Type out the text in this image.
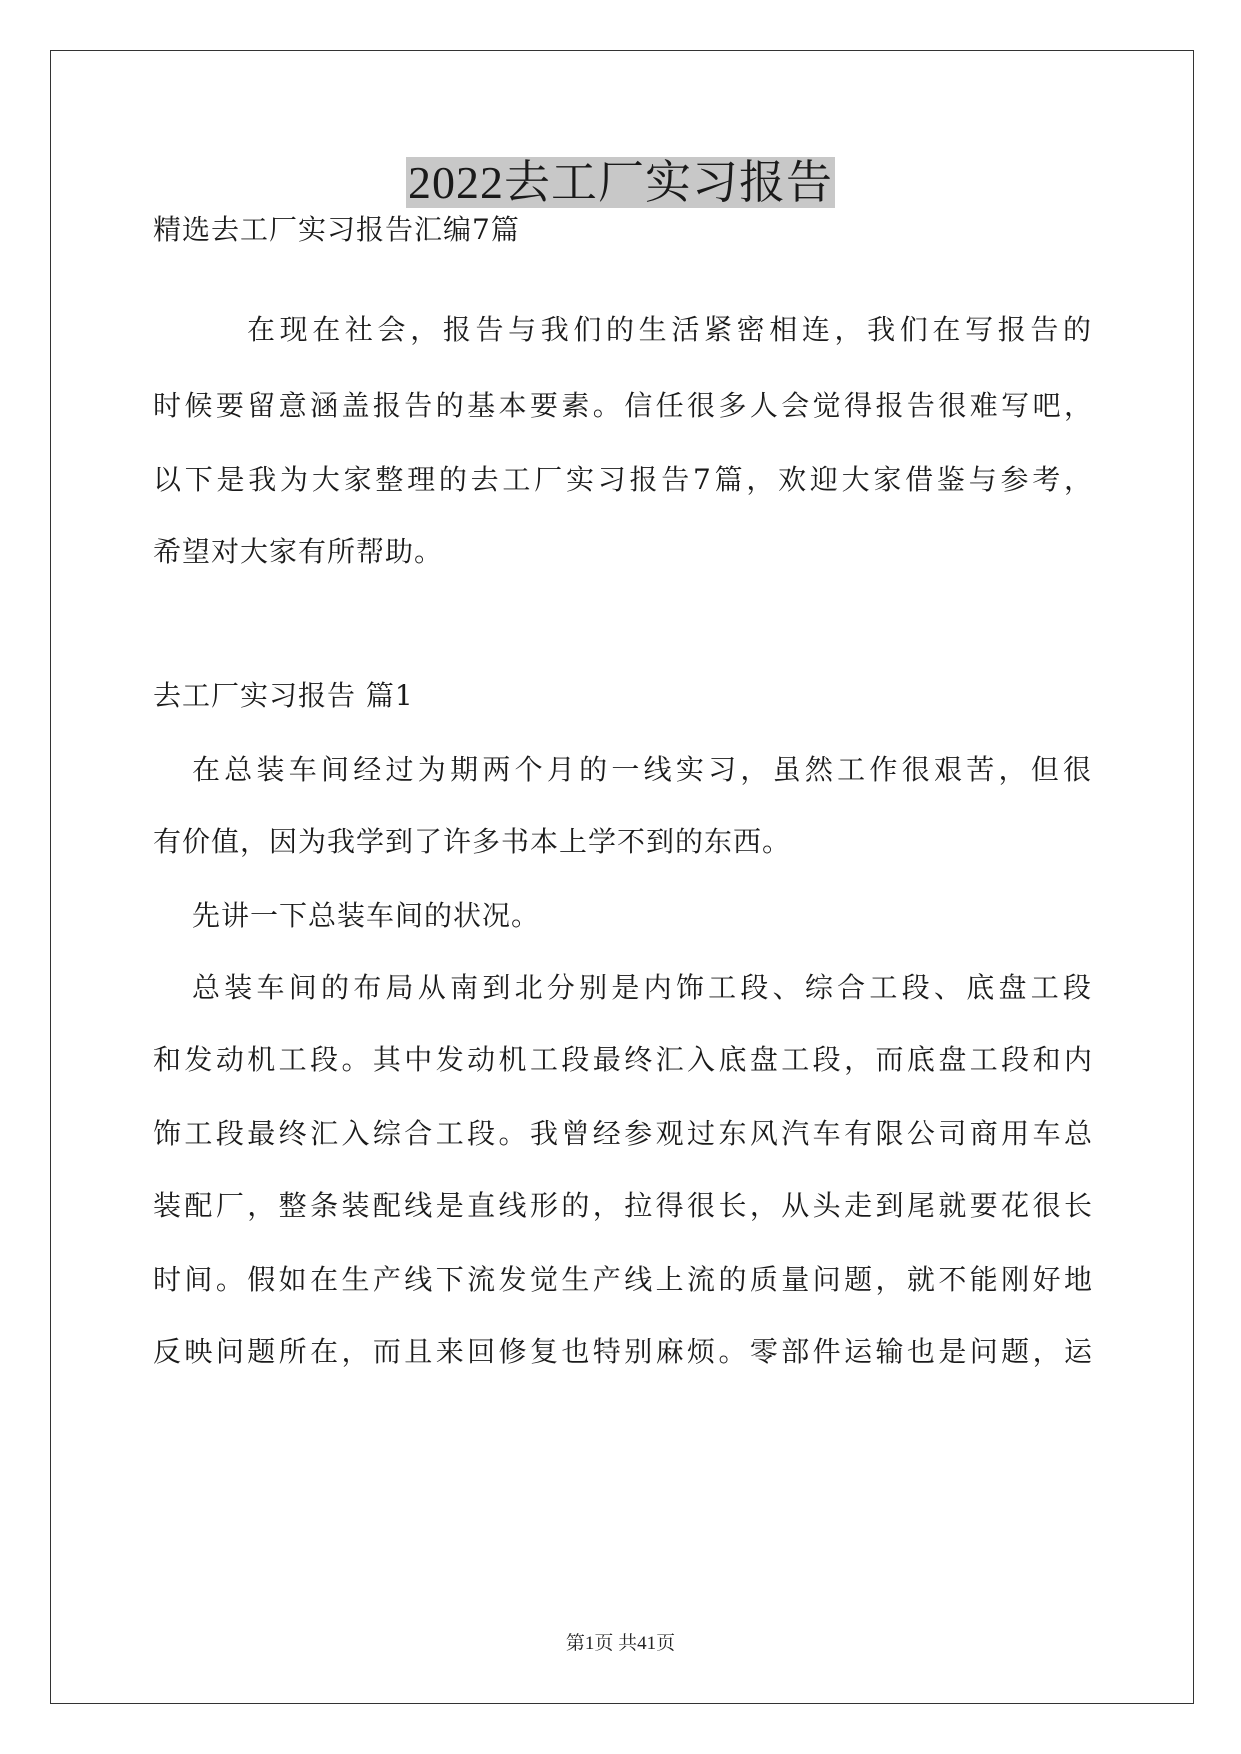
2022去工厂实习报告
精选去工厂实习报告汇编7篇
在现在社会，报告与我们的生活紧密相连，我们在写报告的
时候要留意涵盖报告的基本要素。信任很多人会觉得报告很难写吧，
以下是我为大家整理的去工厂实习报告7篇，欢迎大家借鉴与参考，
希望对大家有所帮助。
去工厂实习报告 篇1
在总装车间经过为期两个月的一线实习，虽然工作很艰苦，但很
有价值，因为我学到了许多书本上学不到的东西。
先讲一下总装车间的状况。
总装车间的布局从南到北分别是内饰工段、综合工段、底盘工段
和发动机工段。其中发动机工段最终汇入底盘工段，而底盘工段和内
饰工段最终汇入综合工段。我曾经参观过东风汽车有限公司商用车总
装配厂，整条装配线是直线形的，拉得很长，从头走到尾就要花很长
时间。假如在生产线下流发觉生产线上流的质量问题，就不能刚好地
反映问题所在，而且来回修复也特别麻烦。零部件运输也是问题，运
第1页 共41页
